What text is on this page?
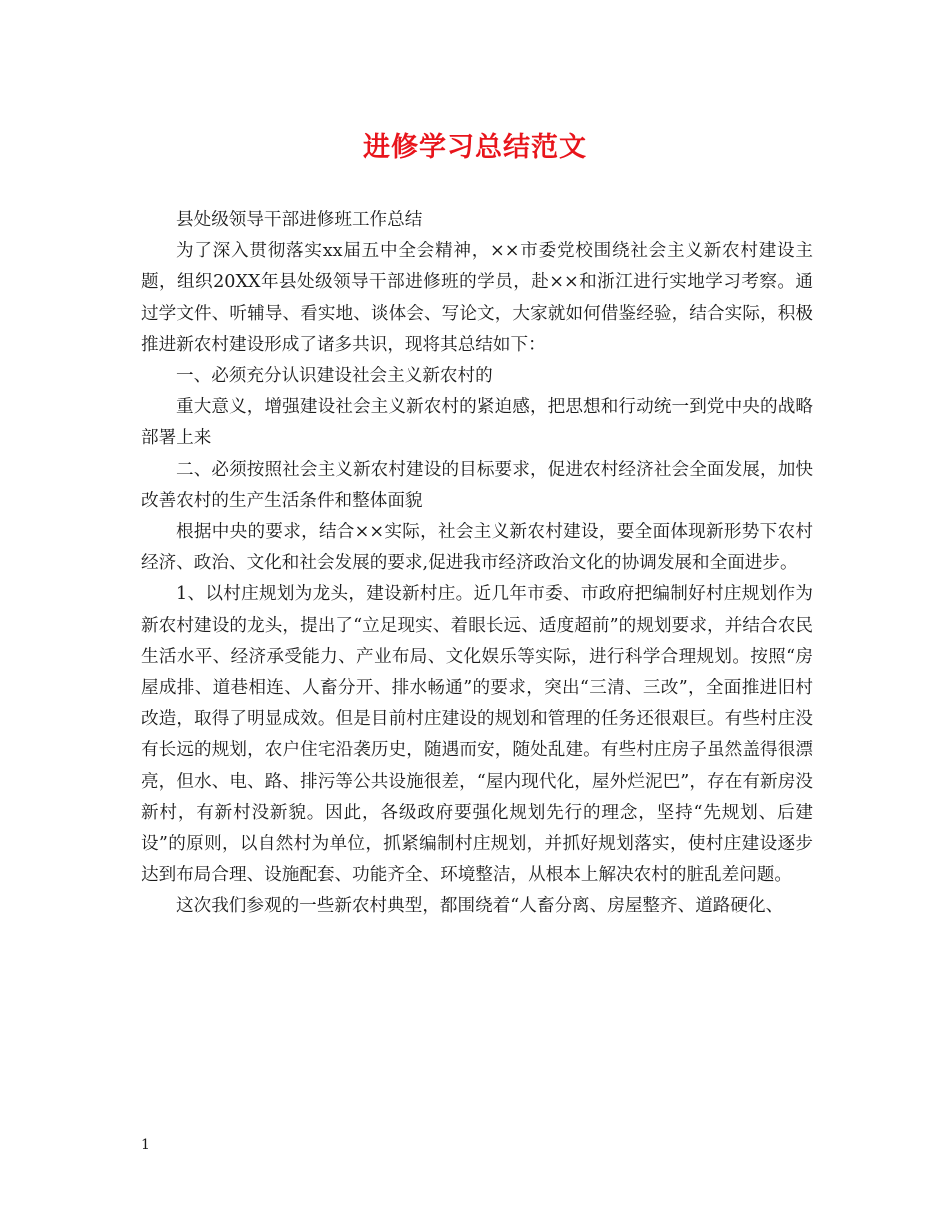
进修学习总结范文

县处级领导干部进修班工作总结

为了深入贯彻落实xx届五中全会精神，××市委党校围绕社会主义新农村建设主题，组织20XX年县处级领导干部进修班的学员，赴××和浙江进行实地学习考察。通过学文件、听辅导、看实地、谈体会、写论文，大家就如何借鉴经验，结合实际，积极推进新农村建设形成了诸多共识，现将其总结如下：

一、必须充分认识建设社会主义新农村的

重大意义，增强建设社会主义新农村的紧迫感，把思想和行动统一到党中央的战略部署上来

二、必须按照社会主义新农村建设的目标要求，促进农村经济社会全面发展，加快改善农村的生产生活条件和整体面貌

根据中央的要求，结合××实际，社会主义新农村建设，要全面体现新形势下农村经济、政治、文化和社会发展的要求,促进我市经济政治文化的协调发展和全面进步。

1、以村庄规划为龙头，建设新村庄。近几年市委、市政府把编制好村庄规划作为新农村建设的龙头，提出了“立足现实、着眼长远、适度超前”的规划要求，并结合农民生活水平、经济承受能力、产业布局、文化娱乐等实际，进行科学合理规划。按照“房屋成排、道巷相连、人畜分开、排水畅通”的要求，突出“三清、三改”，全面推进旧村改造，取得了明显成效。但是目前村庄建设的规划和管理的任务还很艰巨。有些村庄没有长远的规划，农户住宅沿袭历史，随遇而安，随处乱建。有些村庄房子虽然盖得很漂亮，但水、电、路、排污等公共设施很差，“屋内现代化，屋外烂泥巴”，存在有新房没新村，有新村没新貌。因此，各级政府要强化规划先行的理念，坚持“先规划、后建设”的原则，以自然村为单位，抓紧编制村庄规划，并抓好规划落实，使村庄建设逐步达到布局合理、设施配套、功能齐全、环境整洁，从根本上解决农村的脏乱差问题。

这次我们参观的一些新农村典型，都围绕着“人畜分离、房屋整齐、道路硬化、

1
